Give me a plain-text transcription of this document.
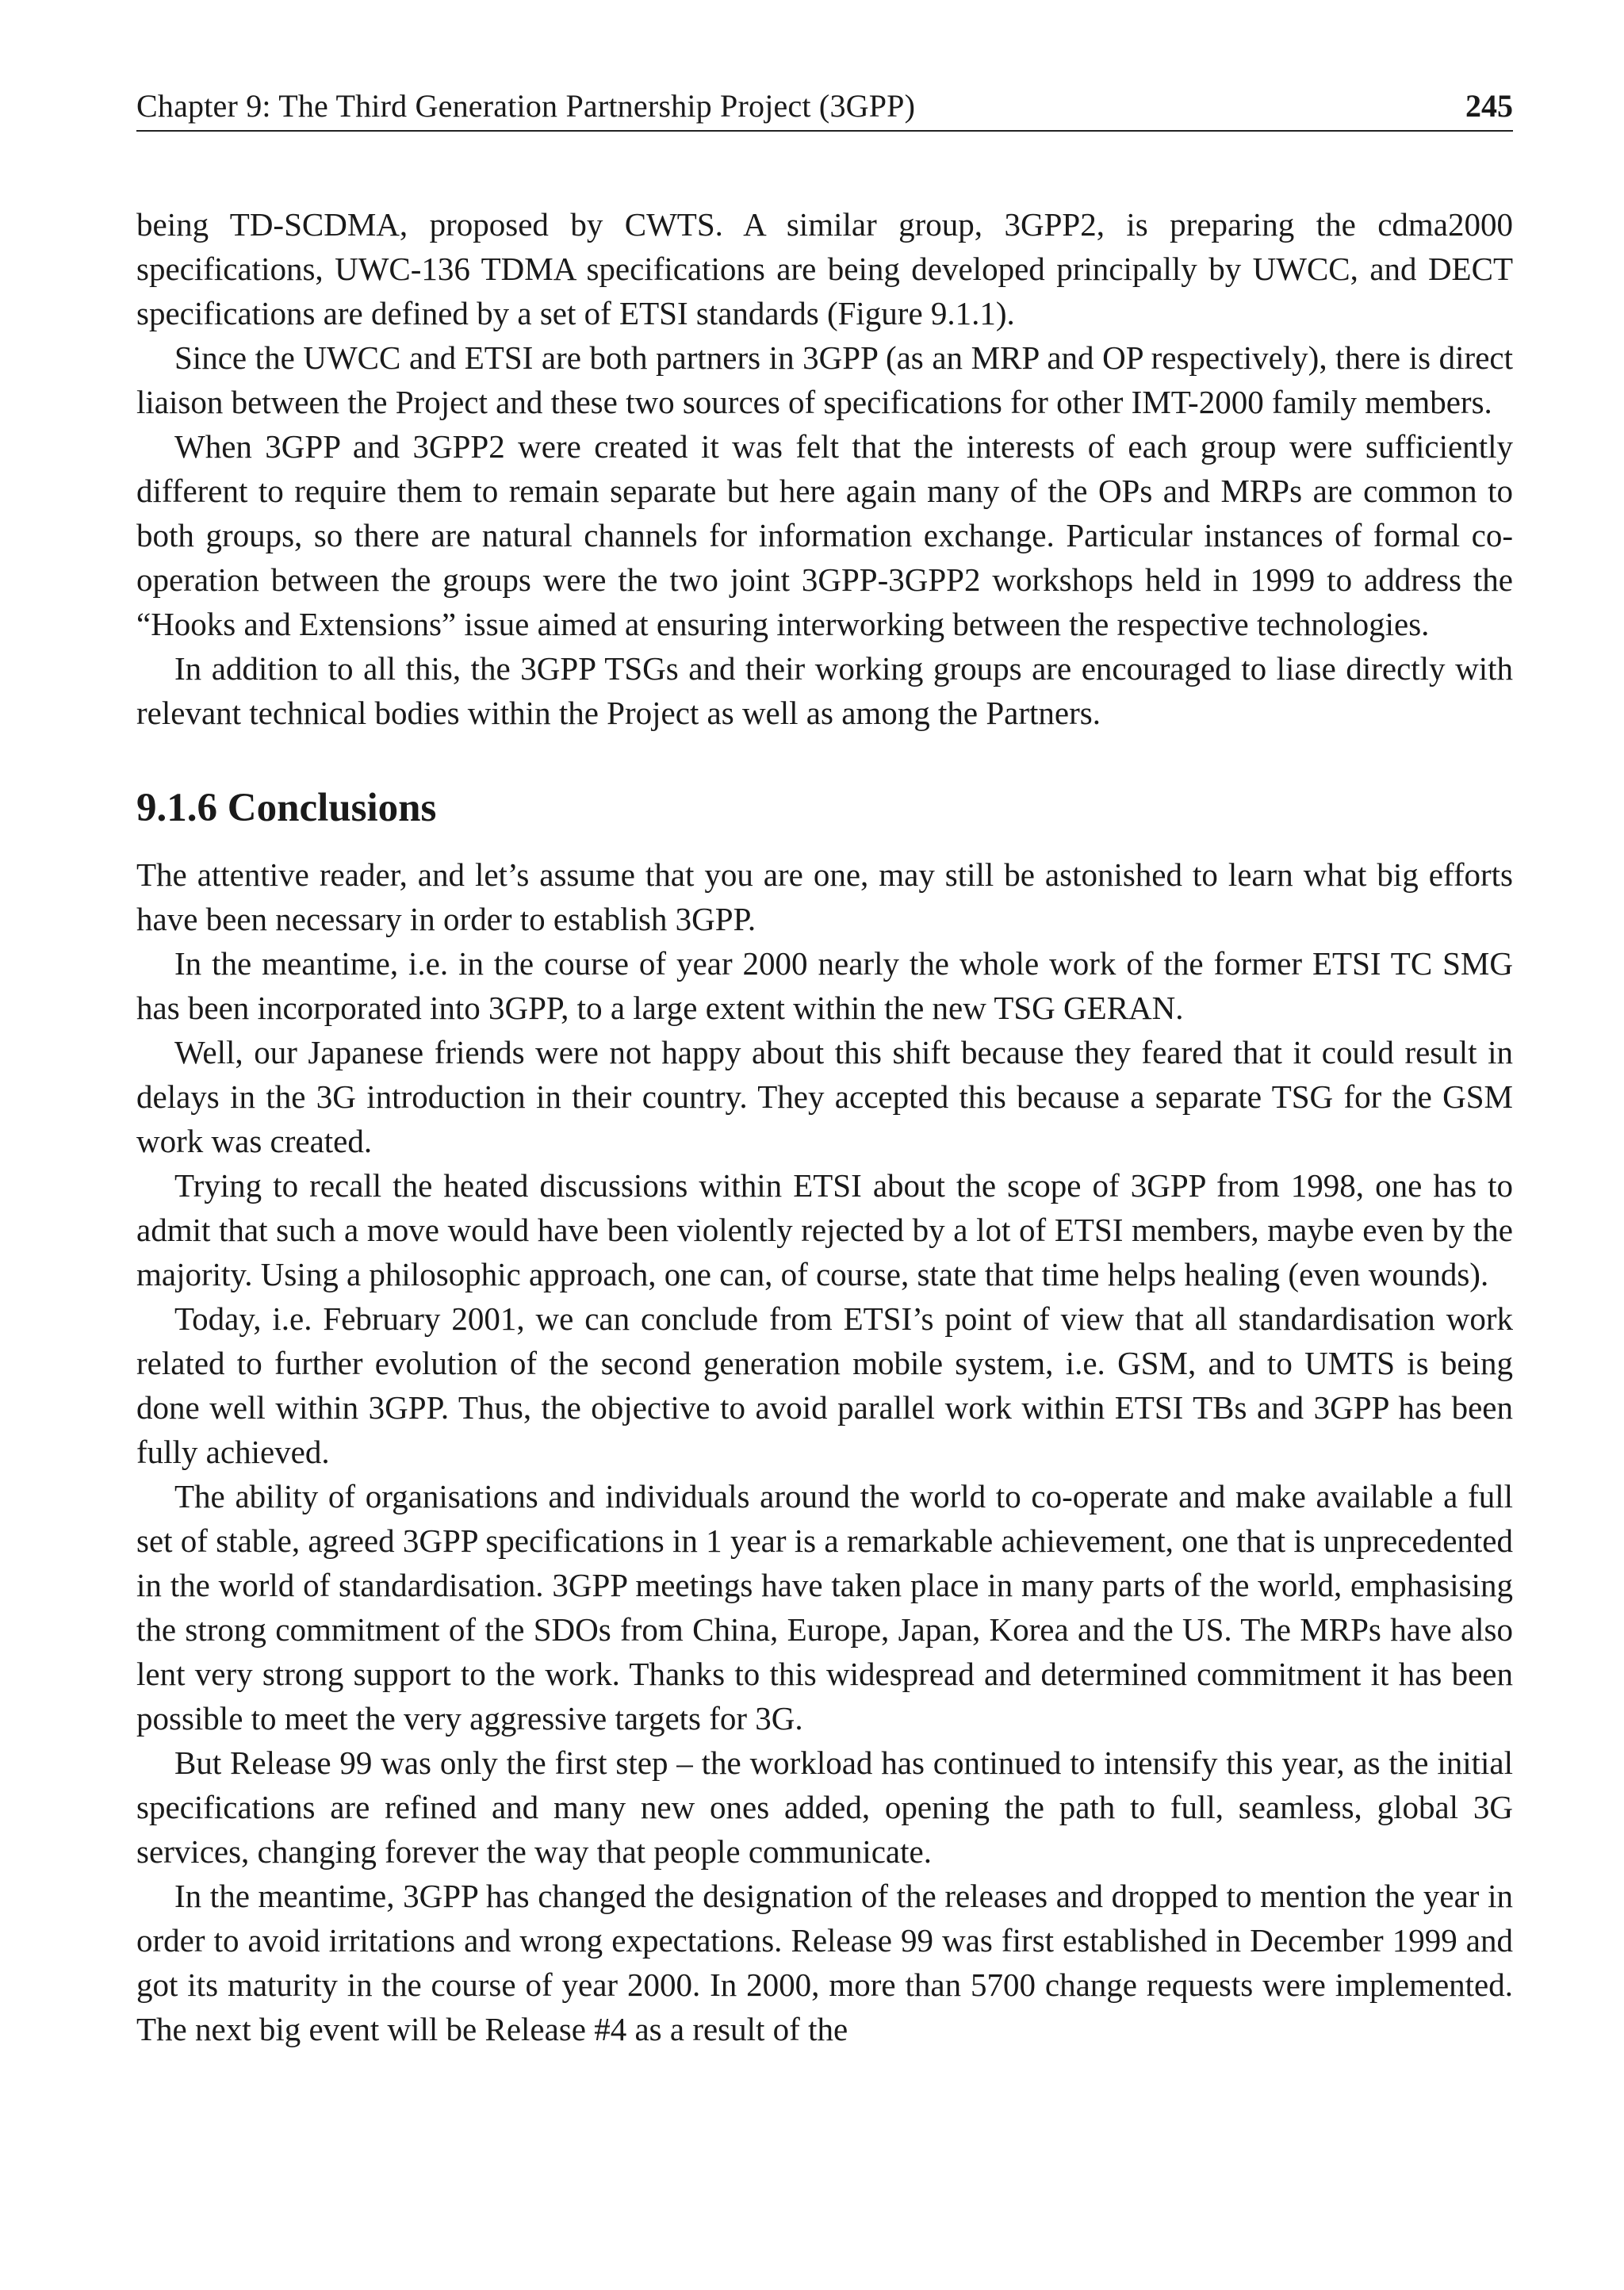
Chapter 9: The Third Generation Partnership Project (3GPP)	245

being TD-SCDMA, proposed by CWTS. A similar group, 3GPP2, is preparing the cdma2000 specifications, UWC-136 TDMA specifications are being developed principally by UWCC, and DECT specifications are defined by a set of ETSI standards (Figure 9.1.1).

Since the UWCC and ETSI are both partners in 3GPP (as an MRP and OP respectively), there is direct liaison between the Project and these two sources of specifications for other IMT-2000 family members.

When 3GPP and 3GPP2 were created it was felt that the interests of each group were sufficiently different to require them to remain separate but here again many of the OPs and MRPs are common to both groups, so there are natural channels for information exchange. Particular instances of formal co-operation between the groups were the two joint 3GPP-3GPP2 workshops held in 1999 to address the “Hooks and Extensions” issue aimed at ensuring interworking between the respective technologies.

In addition to all this, the 3GPP TSGs and their working groups are encouraged to liase directly with relevant technical bodies within the Project as well as among the Partners.

9.1.6 Conclusions

The attentive reader, and let’s assume that you are one, may still be astonished to learn what big efforts have been necessary in order to establish 3GPP.

In the meantime, i.e. in the course of year 2000 nearly the whole work of the former ETSI TC SMG has been incorporated into 3GPP, to a large extent within the new TSG GERAN.

Well, our Japanese friends were not happy about this shift because they feared that it could result in delays in the 3G introduction in their country. They accepted this because a separate TSG for the GSM work was created.

Trying to recall the heated discussions within ETSI about the scope of 3GPP from 1998, one has to admit that such a move would have been violently rejected by a lot of ETSI members, maybe even by the majority. Using a philosophic approach, one can, of course, state that time helps healing (even wounds).

Today, i.e. February 2001, we can conclude from ETSI’s point of view that all standardisation work related to further evolution of the second generation mobile system, i.e. GSM, and to UMTS is being done well within 3GPP. Thus, the objective to avoid parallel work within ETSI TBs and 3GPP has been fully achieved.

The ability of organisations and individuals around the world to co-operate and make available a full set of stable, agreed 3GPP specifications in 1 year is a remarkable achievement, one that is unprecedented in the world of standardisation. 3GPP meetings have taken place in many parts of the world, emphasising the strong commitment of the SDOs from China, Europe, Japan, Korea and the US. The MRPs have also lent very strong support to the work. Thanks to this widespread and determined commitment it has been possible to meet the very aggressive targets for 3G.

But Release 99 was only the first step – the workload has continued to intensify this year, as the initial specifications are refined and many new ones added, opening the path to full, seamless, global 3G services, changing forever the way that people communicate.

In the meantime, 3GPP has changed the designation of the releases and dropped to mention the year in order to avoid irritations and wrong expectations. Release 99 was first established in December 1999 and got its maturity in the course of year 2000. In 2000, more than 5700 change requests were implemented. The next big event will be Release #4 as a result of the
